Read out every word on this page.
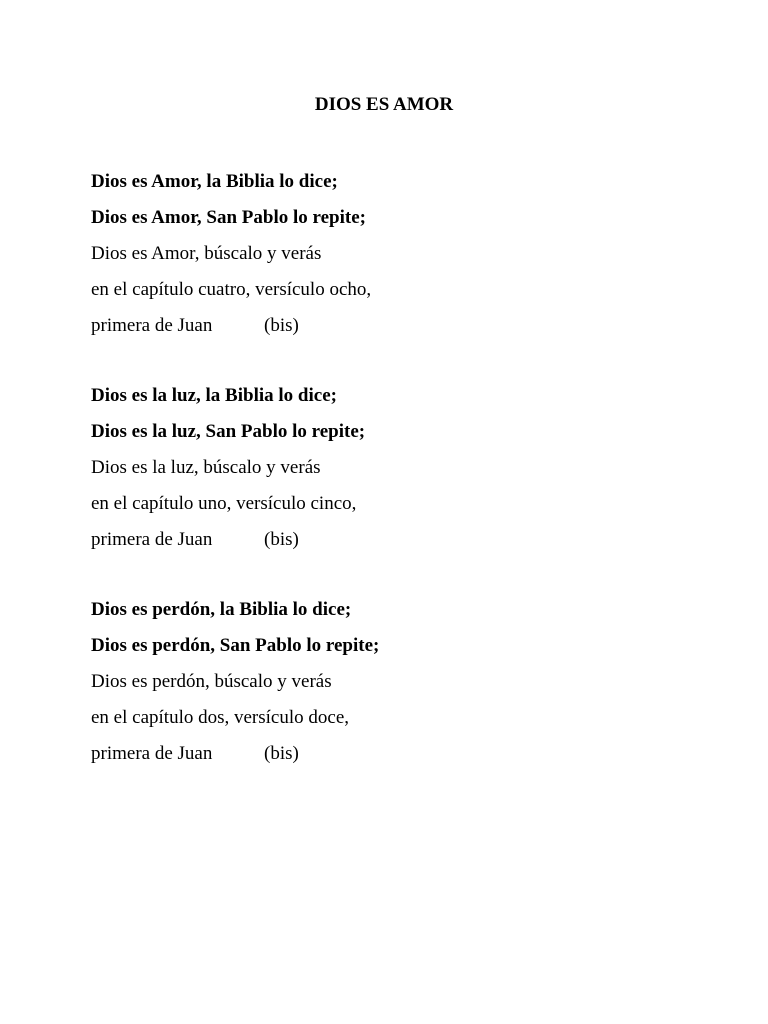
DIOS ES AMOR
Dios es Amor, la Biblia lo dice;
Dios es Amor, San Pablo lo repite;
Dios es Amor, búscalo y verás
en el capítulo cuatro, versículo ocho,
primera de Juan	(bis)
Dios es la luz, la Biblia lo dice;
Dios es la luz, San Pablo lo repite;
Dios es la luz, búscalo y verás
en el capítulo uno, versículo cinco,
primera de Juan	(bis)
Dios es perdón, la Biblia lo dice;
Dios es perdón, San Pablo lo repite;
Dios es perdón, búscalo y verás
en el capítulo dos, versículo doce,
primera de Juan	(bis)
